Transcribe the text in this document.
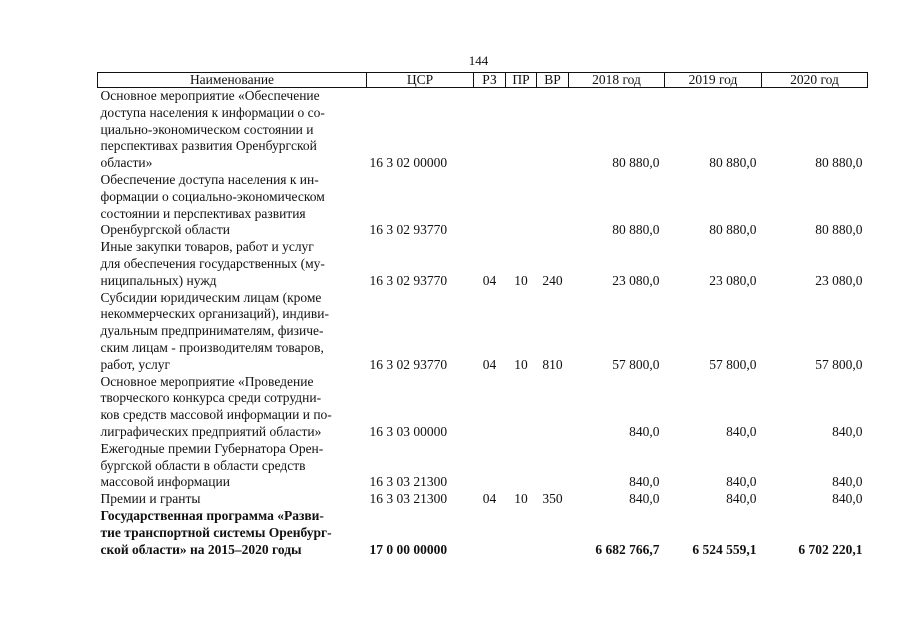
144
Наименование	ЦСР	РЗ	ПР	ВР	2018 год	2019 год	2020 год

Основное мероприятие «Обеспечение
доступа населения к информации о со-
циально-экономическом состоянии и
перспективах развития Оренбургской
области»	16 3 02 00000				80 880,0	80 880,0	80 880,0

Обеспечение доступа населения к ин-
формации о социально-экономическом
состоянии и перспективах развития
Оренбургской области	16 3 02 93770				80 880,0	80 880,0	80 880,0

Иные закупки товаров, работ и услуг
для обеспечения государственных (му-
ниципальных) нужд	16 3 02 93770	04	10	240	23 080,0	23 080,0	23 080,0

Субсидии юридическим лицам (кроме
некоммерческих организаций), индиви-
дуальным предпринимателям, физиче-
ским лицам - производителям товаров,
работ, услуг	16 3 02 93770	04	10	810	57 800,0	57 800,0	57 800,0

Основное мероприятие «Проведение
творческого конкурса среди сотрудни-
ков средств массовой информации и по-
лиграфических предприятий области»	16 3 03 00000				840,0	840,0	840,0

Ежегодные премии Губернатора Орен-
бургской области в области средств
массовой информации	16 3 03 21300				840,0	840,0	840,0

Премии и гранты	16 3 03 21300	04	10	350	840,0	840,0	840,0

Государственная программа «Разви-
тие транспортной системы Оренбург-
ской области» на 2015–2020 годы	17 0 00 00000				6 682 766,7	6 524 559,1	6 702 220,1
